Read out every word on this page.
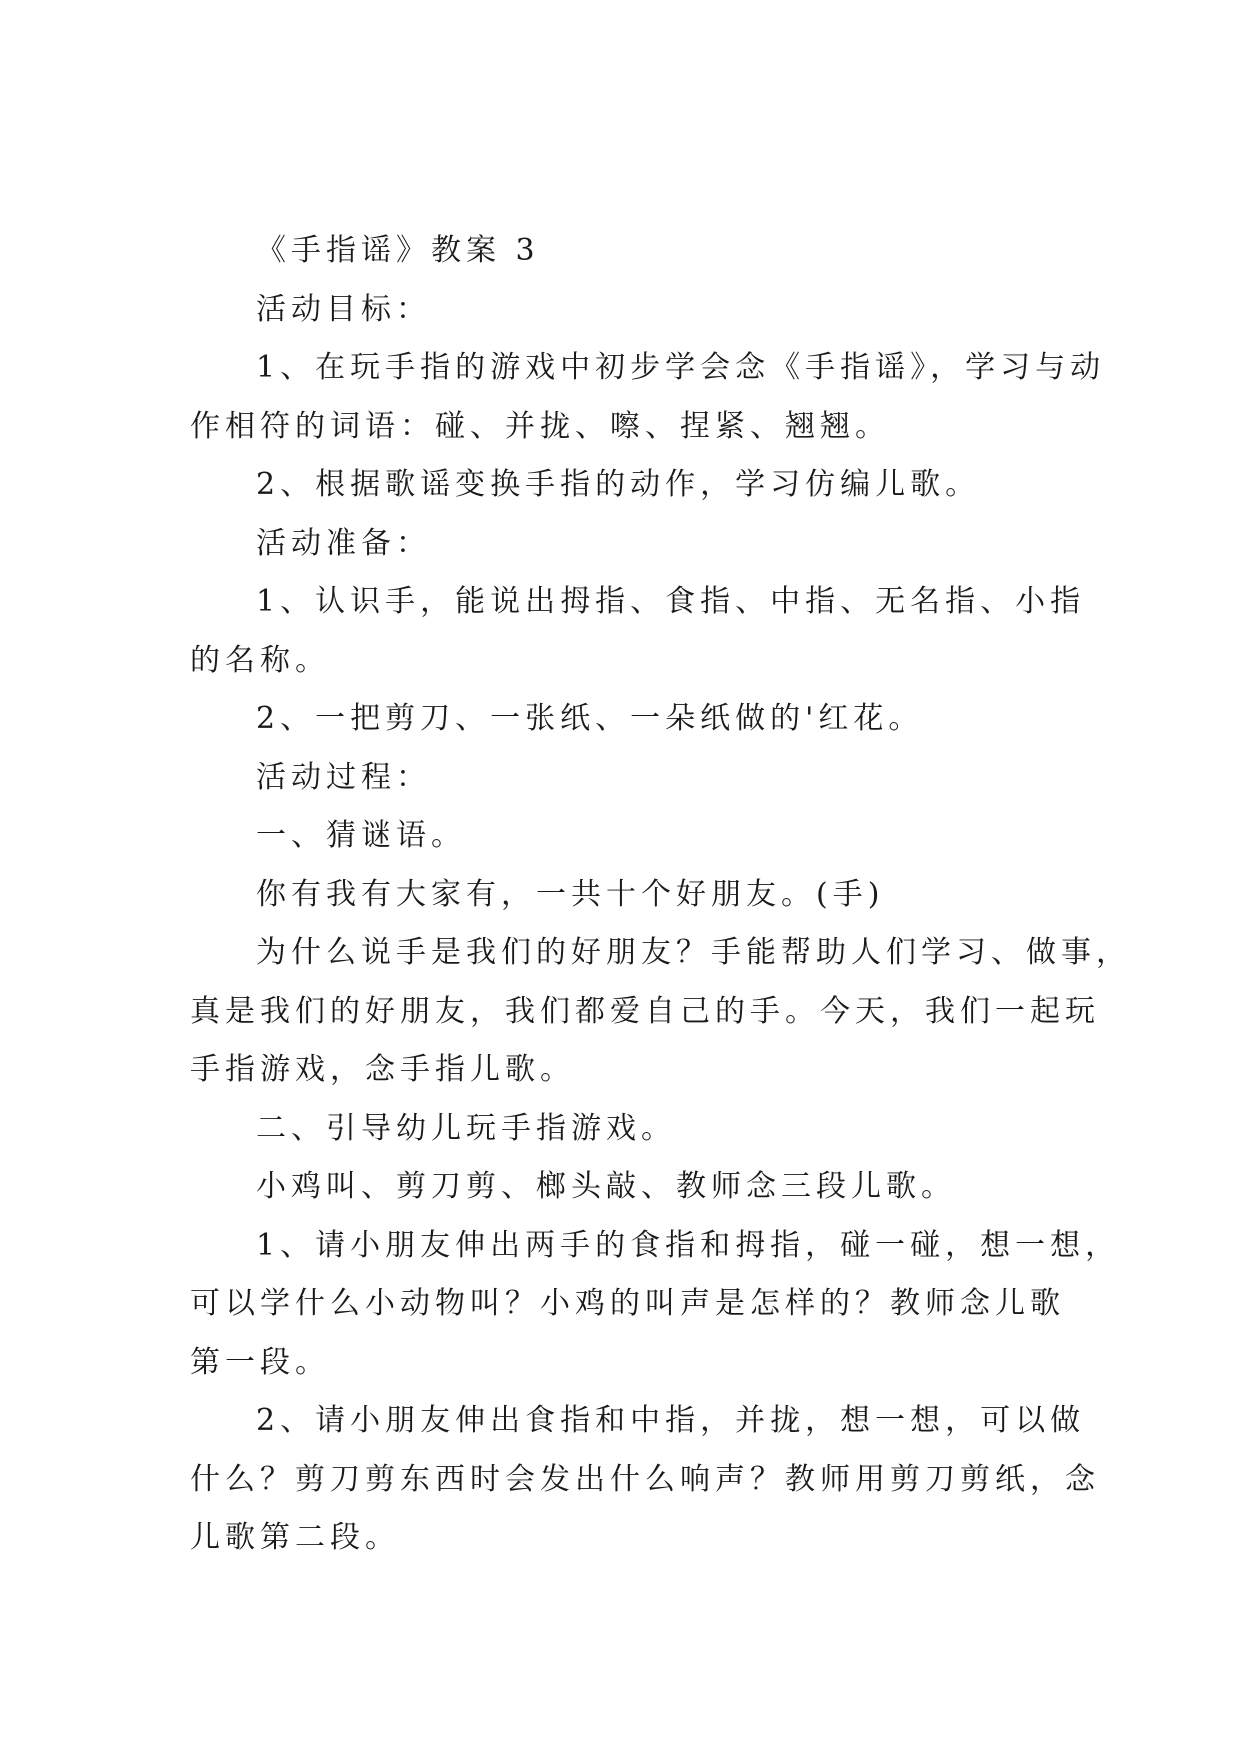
《手指谣》教案 3
活动目标：
1、在玩手指的游戏中初步学会念《手指谣》，学习与动
作相符的词语：碰、并拢、嚓、捏紧、翘翘。
2、根据歌谣变换手指的动作，学习仿编儿歌。
活动准备：
1、认识手，能说出拇指、食指、中指、无名指、小指
的名称。
2、一把剪刀、一张纸、一朵纸做的'红花。
活动过程：
一、猜谜语。
你有我有大家有，一共十个好朋友。(手)
为什么说手是我们的好朋友？手能帮助人们学习、做事，
真是我们的好朋友，我们都爱自己的手。今天，我们一起玩
手指游戏，念手指儿歌。
二、引导幼儿玩手指游戏。
小鸡叫、剪刀剪、榔头敲、教师念三段儿歌。
1、请小朋友伸出两手的食指和拇指，碰一碰，想一想，
可以学什么小动物叫？小鸡的叫声是怎样的？教师念儿歌
第一段。
2、请小朋友伸出食指和中指，并拢，想一想，可以做
什么？剪刀剪东西时会发出什么响声？教师用剪刀剪纸，念
儿歌第二段。
